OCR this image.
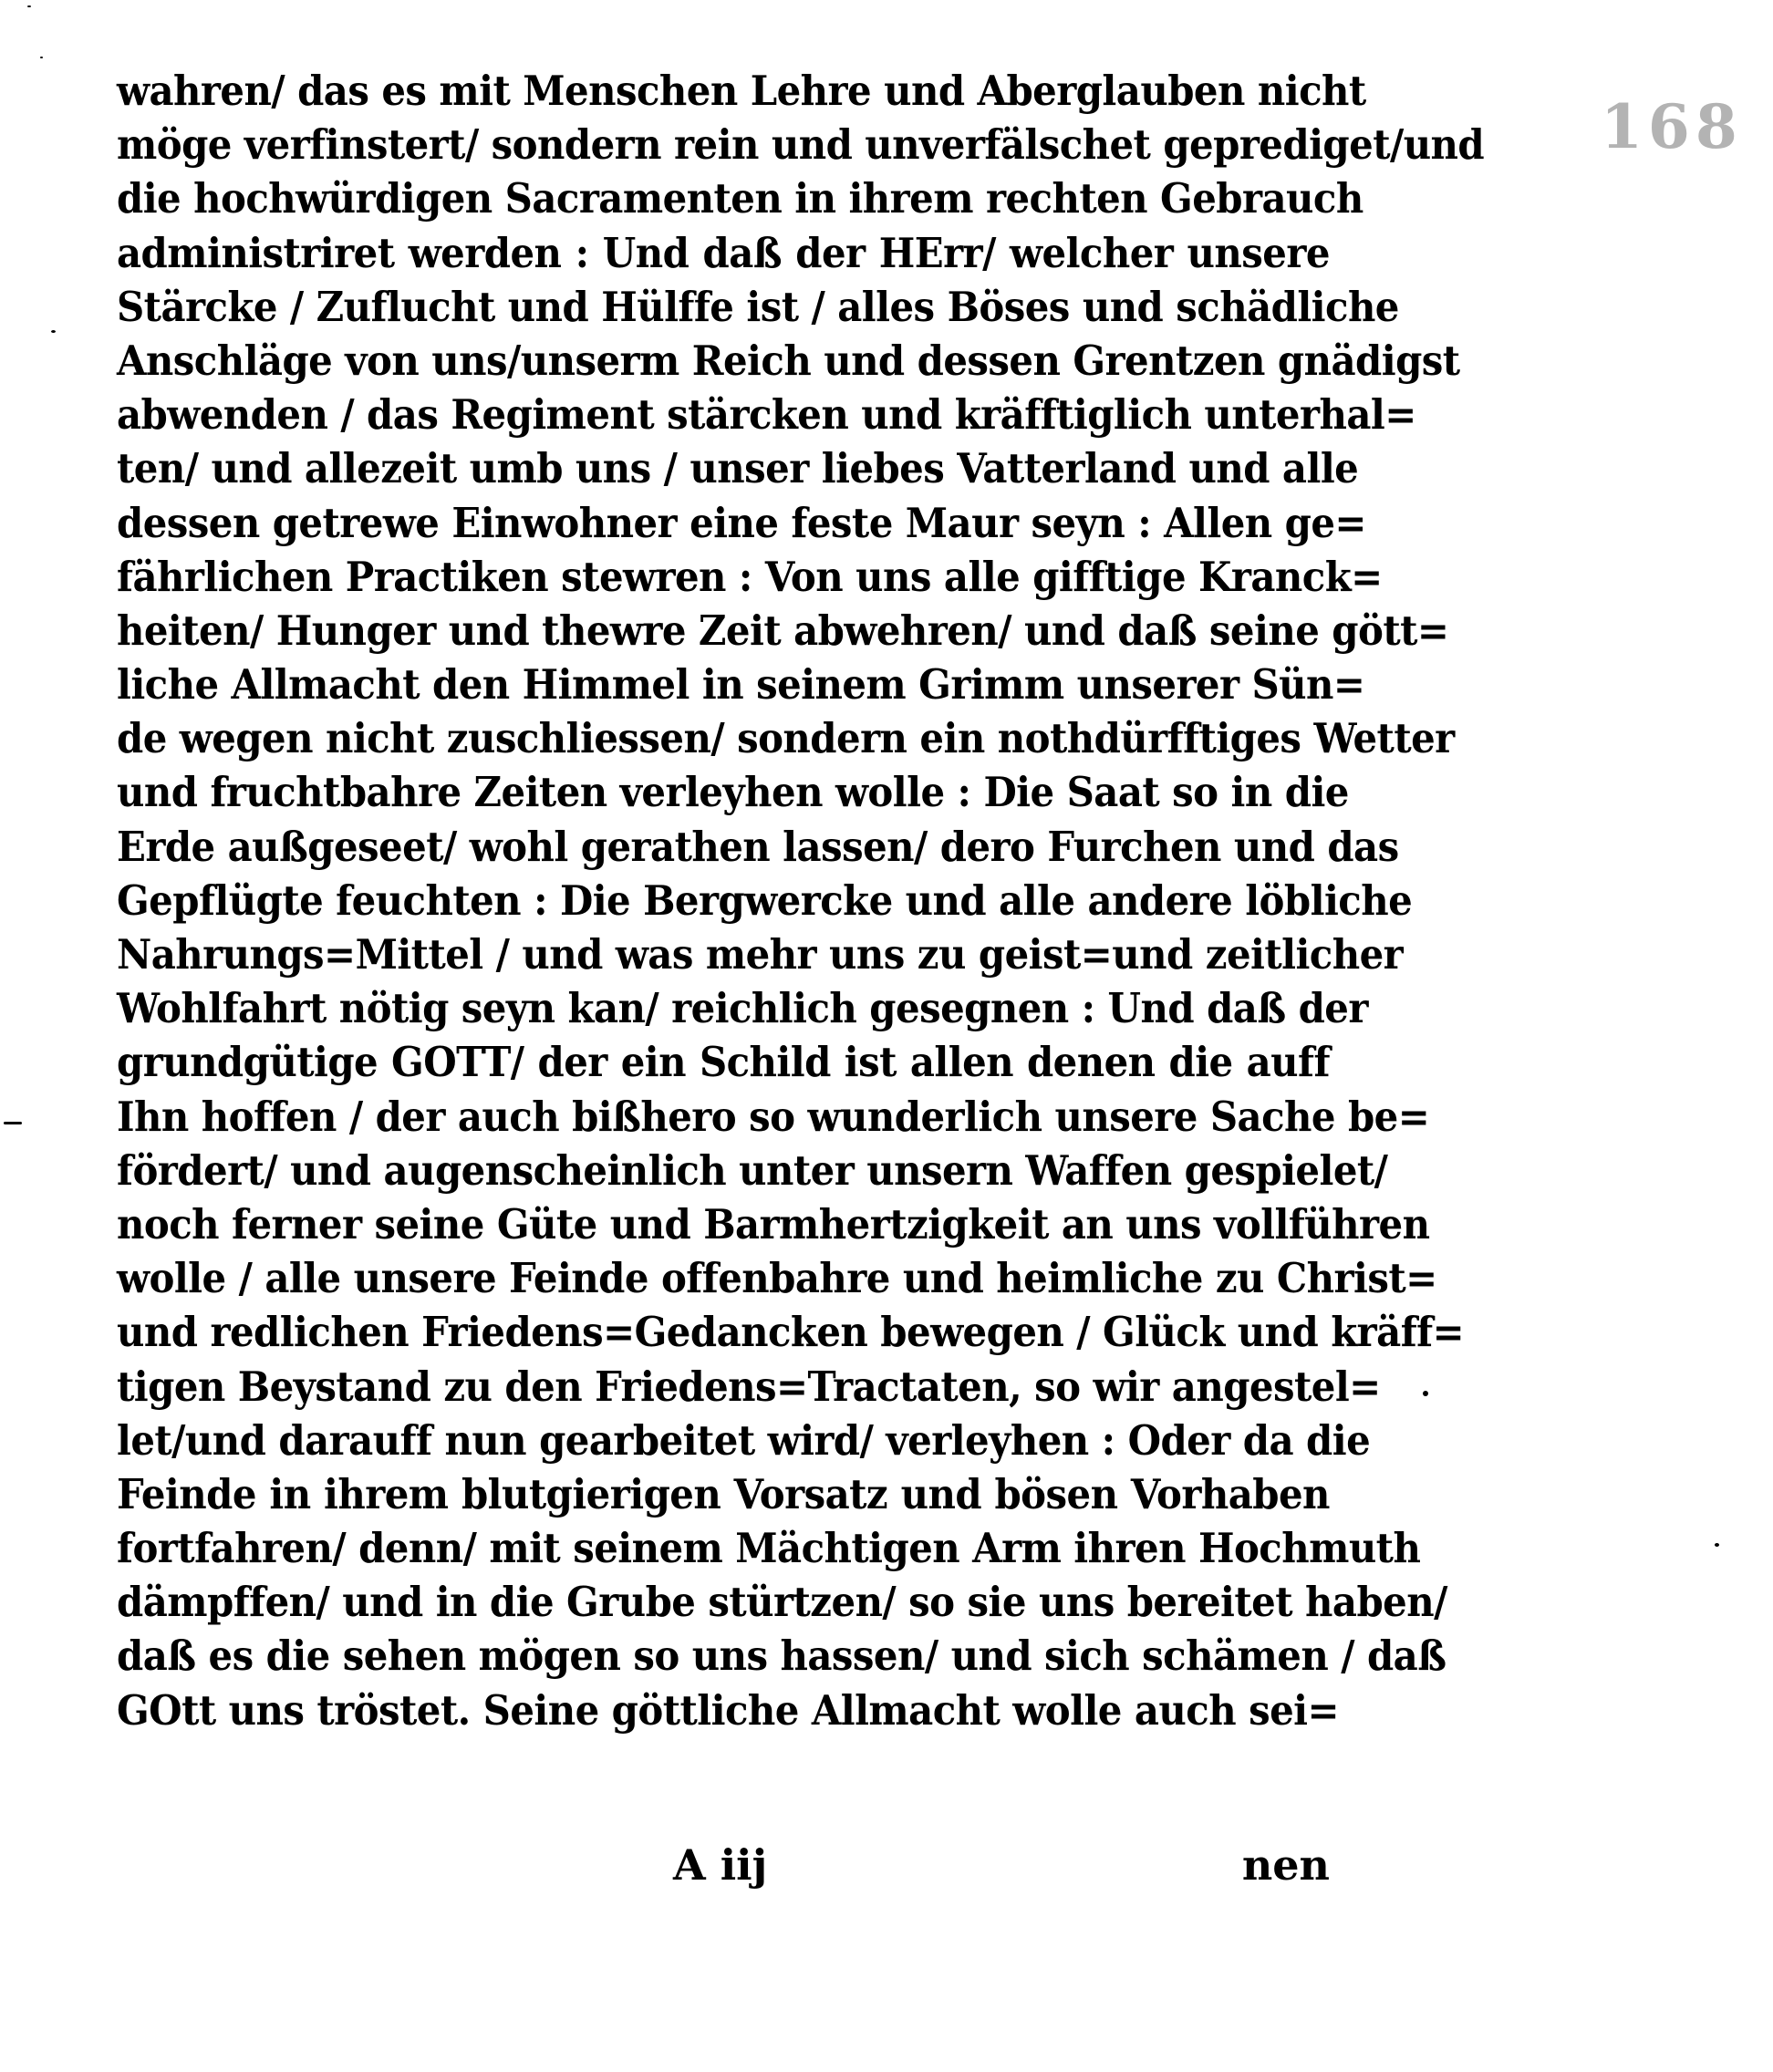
168
wahren/ das es mit Menschen Lehre und Aberglauben nicht
möge verfinstert/ sondern rein und unverfälschet geprediget/und
die hochwürdigen Sacramenten in ihrem rechten Gebrauch
administriret werden : Und daß der HErr/ welcher unsere
Stärcke / Zuflucht und Hülffe ist / alles Böses und schädliche
Anschläge von uns/unserm Reich und dessen Grentzen gnädigst
abwenden / das Regiment stärcken und kräfftiglich unterhal=
ten/ und allezeit umb uns / unser liebes Vatterland und alle
dessen getrewe Einwohner eine feste Maur seyn : Allen ge=
fährlichen Practiken stewren : Von uns alle gifftige Kranck=
heiten/ Hunger und thewre Zeit abwehren/ und daß seine gött=
liche Allmacht den Himmel in seinem Grimm unserer Sün=
de wegen nicht zuschliessen/ sondern ein nothdürfftiges Wetter
und fruchtbahre Zeiten verleyhen wolle : Die Saat so in die
Erde außgeseet/ wohl gerathen lassen/ dero Furchen und das
Gepflügte feuchten : Die Bergwercke und alle andere löbliche
Nahrungs=Mittel / und was mehr uns zu geist=und zeitlicher
Wohlfahrt nötig seyn kan/ reichlich gesegnen : Und daß der
grundgütige GOTT/ der ein Schild ist allen denen die auff
Ihn hoffen / der auch bißhero so wunderlich unsere Sache be=
fördert/ und augenscheinlich unter unsern Waffen gespielet/
noch ferner seine Güte und Barmhertzigkeit an uns vollführen
wolle / alle unsere Feinde offenbahre und heimliche zu Christ=
und redlichen Friedens=Gedancken bewegen / Glück und kräff=
tigen Beystand zu den Friedens=Tractaten, so wir angestel=
let/und darauff nun gearbeitet wird/ verleyhen : Oder da die
Feinde in ihrem blutgierigen Vorsatz und bösen Vorhaben
fortfahren/ denn/ mit seinem Mächtigen Arm ihren Hochmuth
dämpffen/ und in die Grube stürtzen/ so sie uns bereitet haben/
daß es die sehen mögen so uns hassen/ und sich schämen / daß
GOtt uns tröstet. Seine göttliche Allmacht wolle auch sei=
A iij	nen
